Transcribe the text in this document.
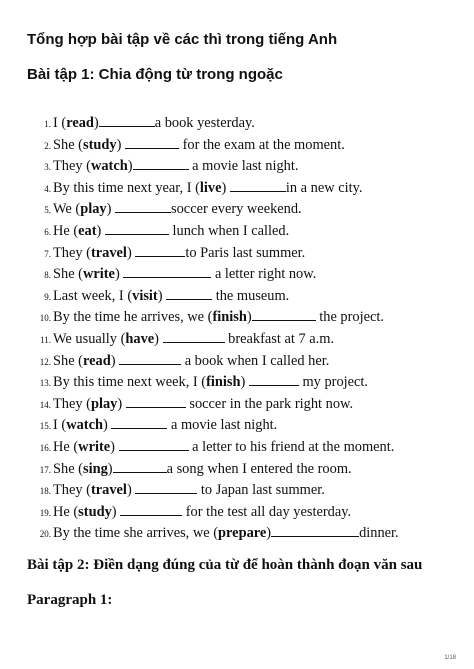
Tổng hợp bài tập về các thì trong tiếng Anh
Bài tập 1: Chia động từ trong ngoặc
1. I (read)	a book yesterday.
2. She (study)	for the exam at the moment.
3. They (watch)	a movie last night.
4. By this time next year, I (live)	in a new city.
5. We (play)	soccer every weekend.
6. He (eat)	lunch when I called.
7. They (travel)	to Paris last summer.
8. She (write)	a letter right now.
9. Last week, I (visit)	the museum.
10. By the time he arrives, we (finish)	the project.
11. We usually (have)	breakfast at 7 a.m.
12. She (read)	a book when I called her.
13. By this time next week, I (finish)	my project.
14. They (play)	soccer in the park right now.
15. I (watch)	a movie last night.
16. He (write)	a letter to his friend at the moment.
17. She (sing)	a song when I entered the room.
18. They (travel)	to Japan last summer.
19. He (study)	for the test all day yesterday.
20. By the time she arrives, we (prepare)	dinner.
Bài tập 2: Điền dạng đúng của từ để hoàn thành đoạn văn sau
Paragraph 1:
1/18
